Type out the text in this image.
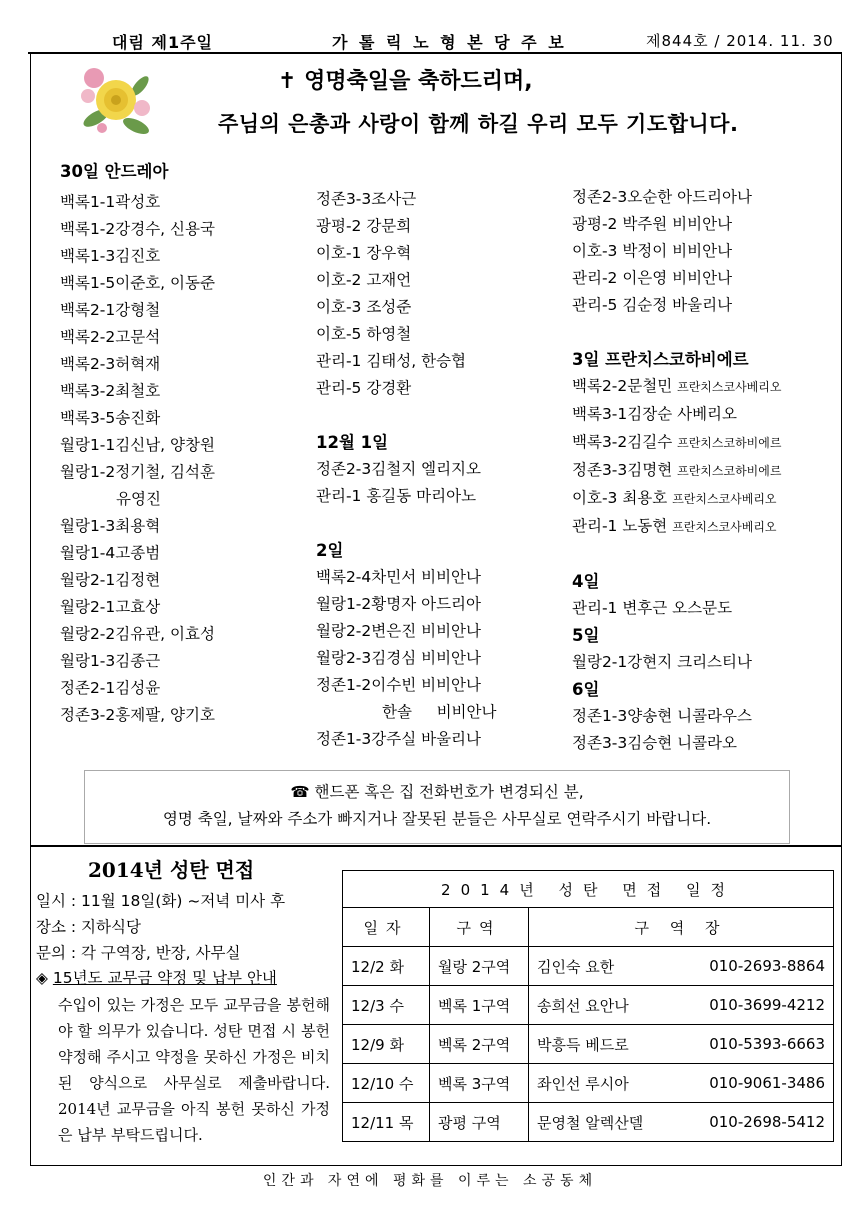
대림 제1주일	가 톨 릭 노 형 본 당 주 보	제844호 / 2014. 11. 30
✝ 영명축일을 축하드리며,
주님의 은총과 사랑이 함께 하길 우리 모두 기도합니다.
30일 안드레아
백록1-1곽성호
백록1-2강경수, 신용국
백록1-3김진호
백록1-5이준호, 이동준
백록2-1강형철
백록2-2고문석
백록2-3허혁재
백록3-2최철호
백록3-5송진화
월랑1-1김신남, 양창원
월랑1-2정기철, 김석훈
유영진
월랑1-3최용혁
월랑1-4고종범
월랑2-1김정현
월랑2-1고효상
월랑2-2김유관, 이효성
월랑1-3김종근
정존2-1김성윤
정존3-2홍제팔, 양기호
정존3-3조사근
광평-2 강문희
이호-1 장우혁
이호-2 고재언
이호-3 조성준
이호-5 하영철
관리-1 김태성, 한승협
관리-5 강경환
12월 1일
정존2-3김철지 엘리지오
관리-1 홍길동 마리아노
2일
백록2-4차민서 비비안나
월랑1-2황명자 아드리아
월랑2-2변은진 비비안나
월랑2-3김경심 비비안나
정존1-2이수빈 비비안나
한솔     비비안나
정존1-3강주실 바울리나
정존2-3오순한 아드리아나
광평-2 박주원 비비안나
이호-3 박정이 비비안나
관리-2 이은영 비비안나
관리-5 김순정 바울리나
3일 프란치스코하비에르
백록2-2문철민 프란치스코사베리오
백록3-1김장순 사베리오
백록3-2김길수 프란치스코하비에르
정존3-3김명현 프란치스코하비에르
이호-3 최용호 프란치스코사베리오
관리-1 노동현 프란치스코사베리오
4일
관리-1 변후근 오스문도
5일
월랑2-1강현지 크리스티나
6일
정존1-3양송현 니콜라우스
정존3-3김승현 니콜라오
☎ 핸드폰 혹은 집 전화번호가 변경되신 분,
영명 축일, 날짜와 주소가 빠지거나 잘못된 분들은 사무실로 연락주시기 바랍니다.
2014년 성탄 면접
일시 : 11월 18일(화) ~저녁 미사 후
장소 : 지하식당
문의 : 각 구역장, 반장, 사무실
◈ 15년도 교무금 약정 및 납부 안내
수입이 있는 가정은 모두 교무금을 봉헌해야 할 의무가 있습니다. 성탄 면접 시 봉헌 약정해 주시고 약정을 못하신 가정은 비치된 양식으로 사무실로 제출바랍니다. 2014년 교무금을 아직 봉헌 못하신 가정은 납부 부탁드립니다.
2014년 성탄 면접 일정			
일자	구역	구 역 장	
12/2 화	월랑 2구역	김인숙 요한	010-2693-8864
12/3 수	벡록 1구역	송희선 요안나	010-3699-4212
12/9 화	벡록 2구역	박흥득 베드로	010-5393-6663
12/10 수	벡록 3구역	좌인선 루시아	010-9061-3486
12/11 목	광평 구역	문영철 알렉산델	010-2698-5412
인간과 자연에 평화를 이루는 소공동체
